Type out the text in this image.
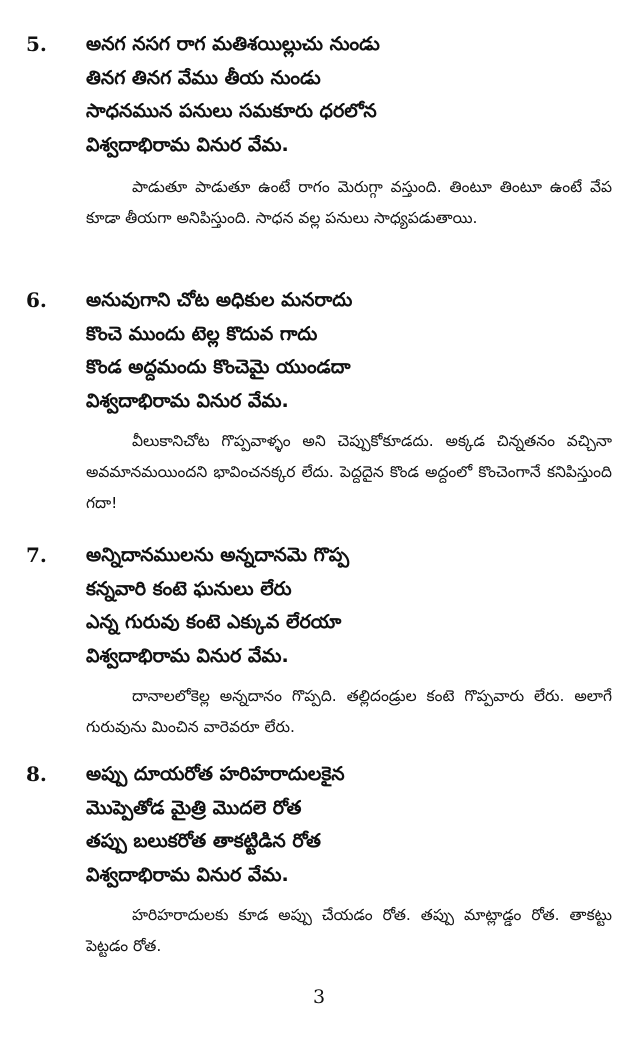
5. అనగ నసగ రాగ మతిశయిల్లుచు నుండు
తినగ తినగ వేము తీయ నుండు
సాధనమున పనులు సమకూరు ధరలోన
విశ్వదాభిరామ వినుర వేమ.

పాడుతూ పాడుతూ ఉంటే రాగం మెరుగ్గా వస్తుంది. తింటూ తింటూ ఉంటే వేప కూడా తీయగా అనిపిస్తుంది. సాధన వల్ల పనులు సాధ్యపడుతాయి.

6. అనువుగాని చోట అధికుల మనరాదు
కొంచె ముందు టెల్ల కొదువ గాదు
కొండ అద్దమందు కొంచెమై యుండదా
విశ్వదాభిరామ వినుర వేమ.

వీలుకానిచోట గొప్పవాళ్ళం అని చెప్పుకోకూడదు. అక్కడ చిన్నతనం వచ్చినా అవమానమయిందని భావించనక్కర లేదు. పెద్దదైన కొండ అద్దంలో కొంచెంగానే కనిపిస్తుంది గదా!

7. అన్నిదానములను అన్నదానమె గొప్ప
కన్నవారి కంటె ఘనులు లేరు
ఎన్న గురువు కంటె ఎక్కువ లేరయా
విశ్వదాభిరామ వినుర వేమ.

దానాలలోకెల్ల అన్నదానం గొప్పది. తల్లిదండ్రుల కంటె గొప్పవారు లేరు. అలాగే గురువును మించిన వారెవరూ లేరు.

8. అప్పు దూయరోత హరిహరాదులకైన
మొప్పెతోడ మైత్రి మొదలె రోత
తప్పు బలుకరోత తాకట్టిడిన రోత
విశ్వదాభిరామ వినుర వేమ.

హరిహరాదులకు కూడ అప్పు చేయడం రోత. తప్పు మాట్లాడ్డం రోత. తాకట్టు పెట్టడం రోత.

3
